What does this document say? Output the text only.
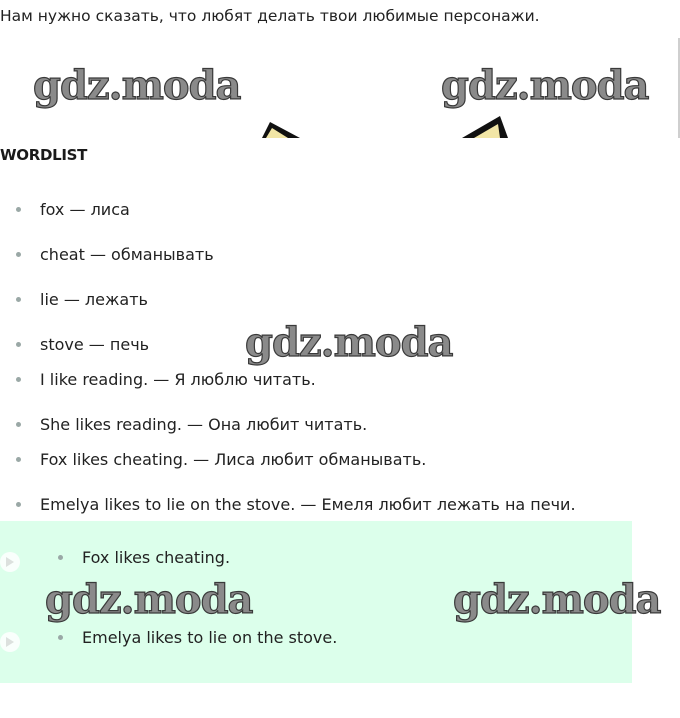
Нам нужно сказать, что любят делать твои любимые персонажи.
WORDLIST
fox — лиса
cheat — обманывать
lie — лежать
stove — печь
I like reading. — Я люблю читать.
She likes reading. — Она любит читать.
Fox likes cheating. — Лиса любит обманывать.
Emelya likes to lie on the stove. — Емеля любит лежать на печи.
Fox likes cheating.
Emelya likes to lie on the stove.
gdz.moda	gdz.moda
gdz.moda
gdz.moda	gdz.moda
